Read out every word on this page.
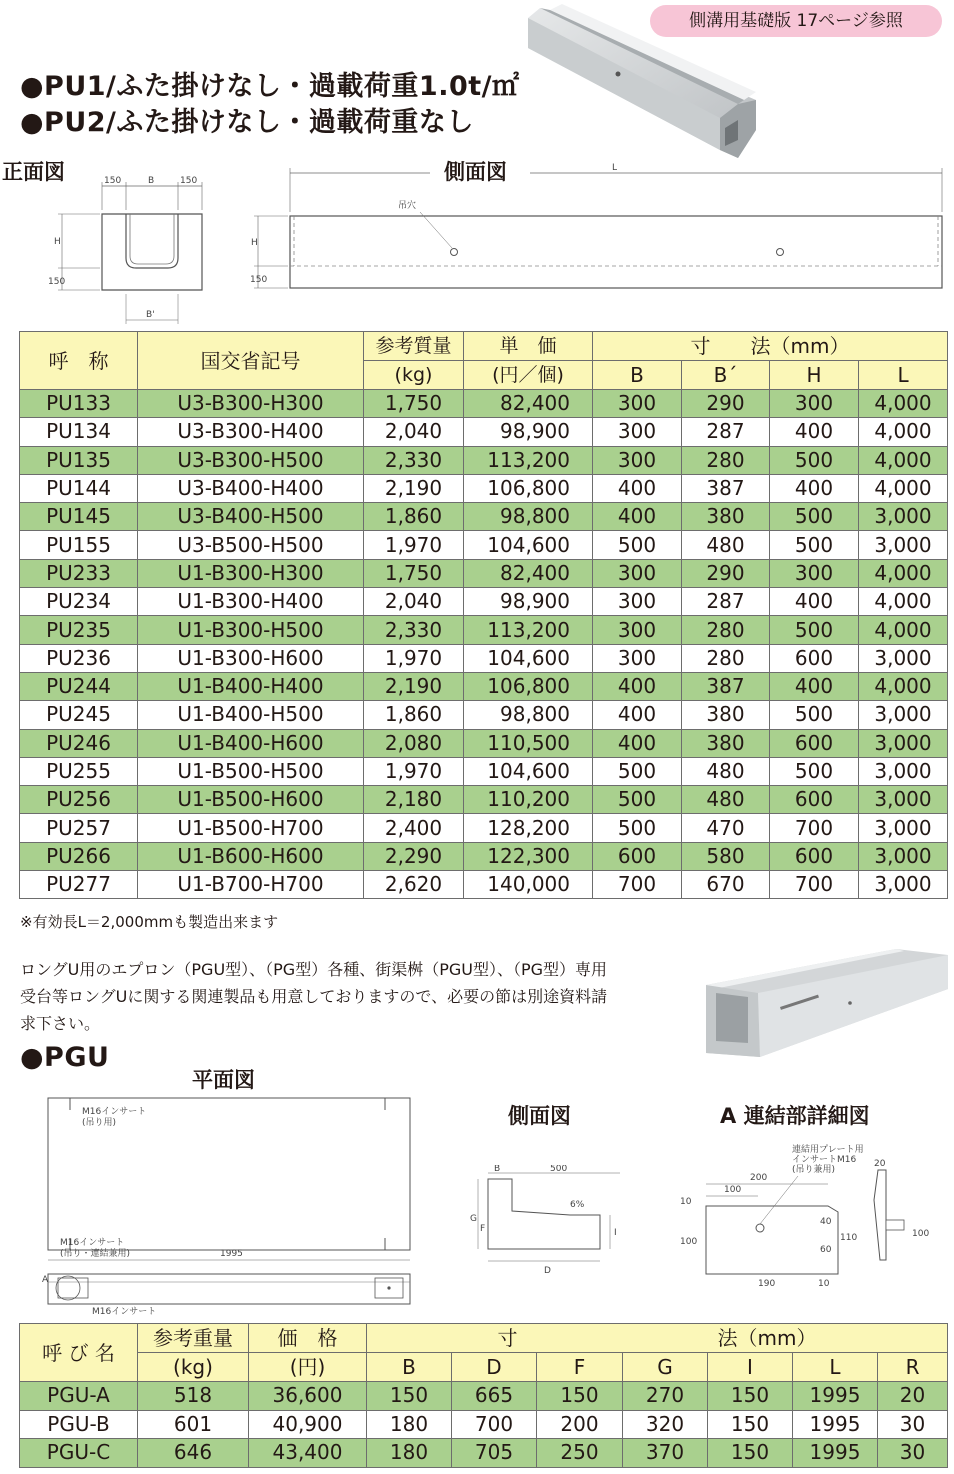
側溝用基礎版 17ページ参照
●PU1/ふた掛けなし・過載荷重1.0t/㎡
●PU2/ふた掛けなし・過載荷重なし
正面図	150	B	150
H
150
B'
L
吊穴
H
150
側面図
呼　称	国交省記号	参考質量	単　価	寸　　法（mm）			
		(kg)	(円／個)	B	B´	H	L
PU133	U3-B300-H300	1,750	82,400	300	290	300	4,000
PU134	U3-B300-H400	2,040	98,900	300	287	400	4,000
PU135	U3-B300-H500	2,330	113,200	300	280	500	4,000
PU144	U3-B400-H400	2,190	106,800	400	387	400	4,000
PU145	U3-B400-H500	1,860	98,800	400	380	500	3,000
PU155	U3-B500-H500	1,970	104,600	500	480	500	3,000
PU233	U1-B300-H300	1,750	82,400	300	290	300	4,000
PU234	U1-B300-H400	2,040	98,900	300	287	400	4,000
PU235	U1-B300-H500	2,330	113,200	300	280	500	4,000
PU236	U1-B300-H600	1,970	104,600	300	280	600	3,000
PU244	U1-B400-H400	2,190	106,800	400	387	400	4,000
PU245	U1-B400-H500	1,860	98,800	400	380	500	3,000
PU246	U1-B400-H600	2,080	110,500	400	380	600	3,000
PU255	U1-B500-H500	1,970	104,600	500	480	500	3,000
PU256	U1-B500-H600	2,180	110,200	500	480	600	3,000
PU257	U1-B500-H700	2,400	128,200	500	470	700	3,000
PU266	U1-B600-H600	2,290	122,300	600	580	600	3,000
PU277	U1-B700-H700	2,620	140,000	700	670	700	3,000
※有効長L＝2,000mmも製造出来ます
ロングU用のエプロン（PGU型）、（PG型）各種、街渠桝（PGU型）、（PG型）専用受台等ロングUに関する関連製品も用意しておりますので、必要の節は別途資料請求下さい。
●PGU
平面図
側面図	A 連結部詳細図
M16インサート
(吊り用)
1995
M16インサート
(吊り・連結兼用)
A
M16インサート
B	500
6%
G
F	I
D
連結用プレート用
インサートM16
(吊り兼用)
200
100
20
10
100
40
60
110
190	10
100
呼 び 名	参考重量	価　格	寸　　　　　　　　　　法（mm）						
	(kg)	(円)	B	D	F	G	I	L	R
PGU-A	518	36,600	150	665	150	270	150	1995	20
PGU-B	601	40,900	180	700	200	320	150	1995	30
PGU-C	646	43,400	180	705	250	370	150	1995	30
